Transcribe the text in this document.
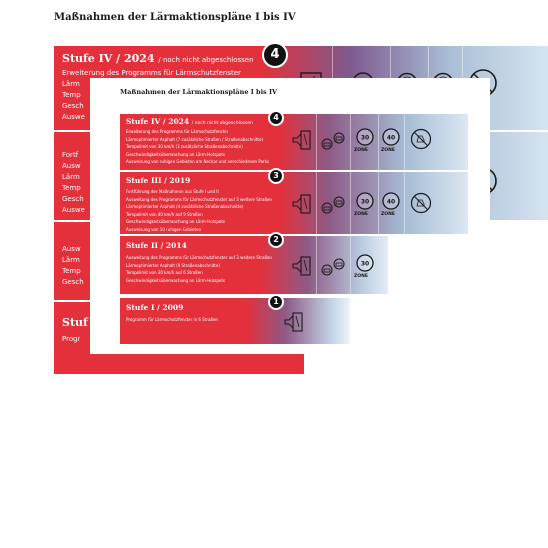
Maßnahmen der Lärmaktionspläne I bis IV
Stufe IV / 2024 / noch nicht abgeschlossen
Erweiterung des Programms für Lärmschutzfenster
Lärm
Temp
Gesch
Auswe
Fortf
Ausw
Lärm
Temp
Gesch
Auswe
Ausw
Lärm
Temp
Gesch
Stuf
Progr
4
Maßnahmen der Lärmaktionspläne I bis IV
Stufe IV / 2024 / noch nicht abgeschlossen
Erweiterung des Programms für Lärmschutzfenster
Lärmoptimierter Asphalt (7 zusätzliche Straßen / Straßenabschnitte)
Tempolimit von 30 km/h (3 zusätzliche Straßenabschnitte)
Geschwindigkeitsüberwachung an Lärm-Hotspots
Ausweisung von ruhigen Gebieten am Neckar und verschiedenen Parks
Stufe III / 2019
Fortführung der Maßnahmen aus Stufe I und II
Ausweitung des Programms für Lärmschutzfenster auf 3 weitere Straßen
Lärmoptimierter Asphalt (4 zusätzliche Straßenabschnitte)
Tempolimit von 40 km/h auf 9 Straßen
Geschwindigkeitsüberwachung an Lärm-Hotspots
Ausweisung von 10 ruhigen Gebieten
Stufe II / 2014
Ausweitung des Programms für Lärmschutzfenster auf 3 weitere Straßen
Lärmoptimierter Asphalt (9 Straßenabschnitte)
Tempolimit von 30 km/h auf 6 Straßen
Geschwindigkeitsüberwachung an Lärm-Hotspots
Stufe I / 2009
Programm für Lärmschutzfenster in 6 Straßen
30
ZONE
40
ZONE
30
ZONE
40
ZONE
30
ZONE
4
3
2
1
